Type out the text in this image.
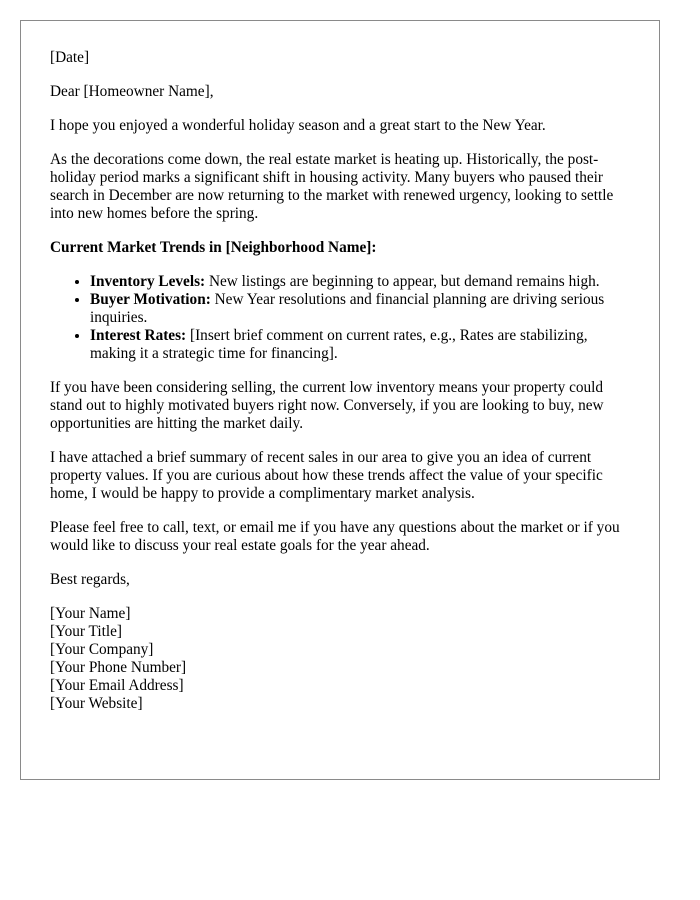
[Date]
Dear [Homeowner Name],
I hope you enjoyed a wonderful holiday season and a great start to the New Year.
As the decorations come down, the real estate market is heating up. Historically, the post-holiday period marks a significant shift in housing activity. Many buyers who paused their search in December are now returning to the market with renewed urgency, looking to settle into new homes before the spring.
Current Market Trends in [Neighborhood Name]:
• Inventory Levels: New listings are beginning to appear, but demand remains high.
• Buyer Motivation: New Year resolutions and financial planning are driving serious inquiries.
• Interest Rates: [Insert brief comment on current rates, e.g., Rates are stabilizing, making it a strategic time for financing].
If you have been considering selling, the current low inventory means your property could stand out to highly motivated buyers right now. Conversely, if you are looking to buy, new opportunities are hitting the market daily.
I have attached a brief summary of recent sales in our area to give you an idea of current property values. If you are curious about how these trends affect the value of your specific home, I would be happy to provide a complimentary market analysis.
Please feel free to call, text, or email me if you have any questions about the market or if you would like to discuss your real estate goals for the year ahead.
Best regards,
[Your Name]
[Your Title]
[Your Company]
[Your Phone Number]
[Your Email Address]
[Your Website]
